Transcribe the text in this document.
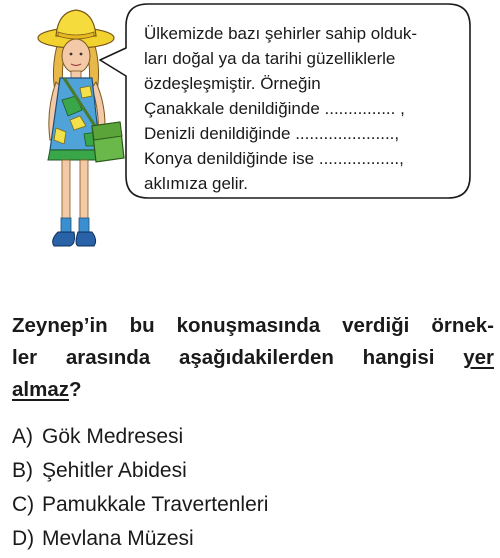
Ülkemizde bazı şehirler sahip olduk-
ları doğal ya da tarihi güzelliklerle
özdeşleşmiştir. Örneğin
Çanakkale denildiğinde ............... ,
Denizli denildiğinde .....................,
Konya denildiğinde ise .................,
aklımıza gelir.
Zeynep’in bu konuşmasında verdiği örnek-
ler arasında aşağıdakilerden hangisi yer
almaz?
A) Gök Medresesi
B) Şehitler Abidesi
C) Pamukkale Travertenleri
D) Mevlana Müzesi
